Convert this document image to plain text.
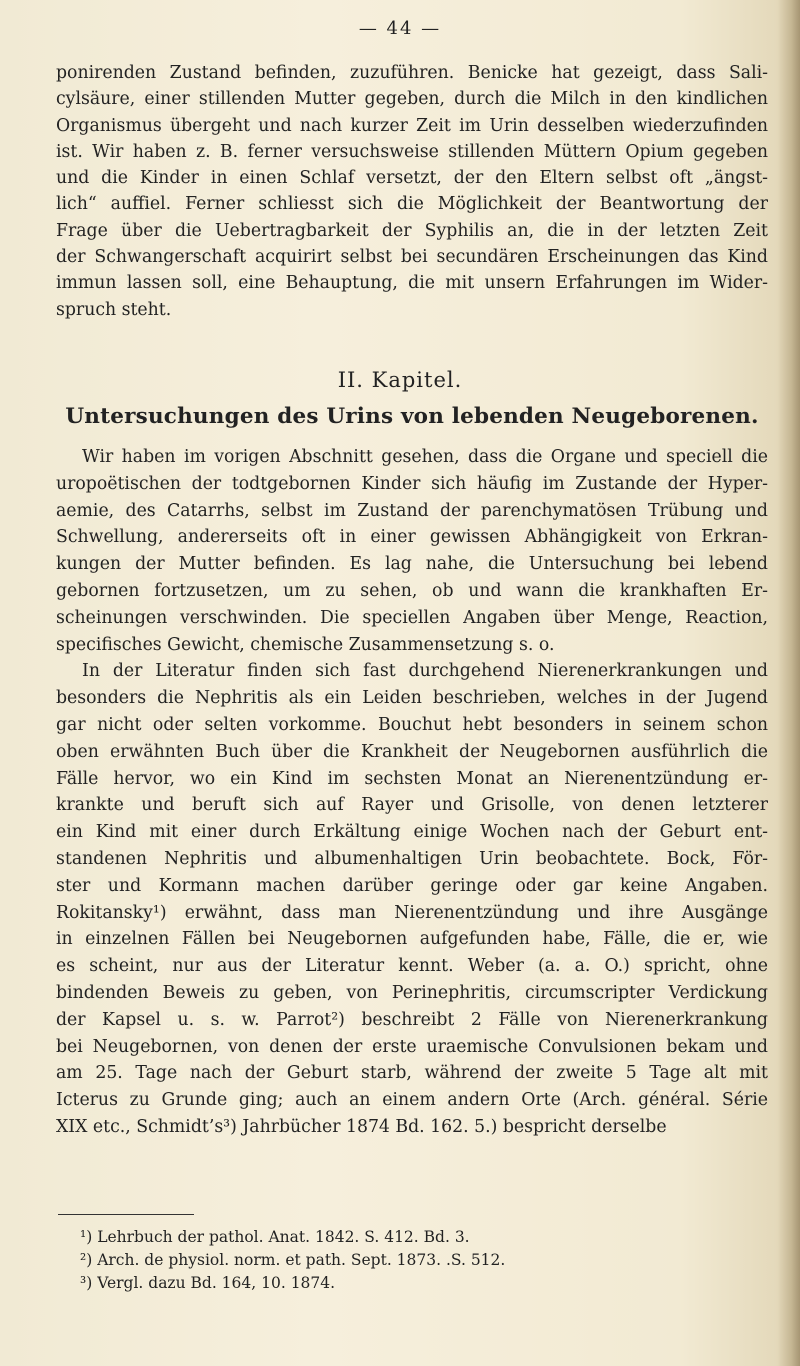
— 44 —
ponirenden Zustand befinden, zuzuführen. Benicke hat gezeigt, dass Sali-
cylsäure, einer stillenden Mutter gegeben, durch die Milch in den kindlichen
Organismus übergeht und nach kurzer Zeit im Urin desselben wiederzufinden
ist. Wir haben z. B. ferner versuchsweise stillenden Müttern Opium gegeben
und die Kinder in einen Schlaf versetzt, der den Eltern selbst oft „ängst-
lich“ auffiel. Ferner schliesst sich die Möglichkeit der Beantwortung der
Frage über die Uebertragbarkeit der Syphilis an, die in der letzten Zeit
der Schwangerschaft acquirirt selbst bei secundären Erscheinungen das Kind
immun lassen soll, eine Behauptung, die mit unsern Erfahrungen im Wider-
spruch steht.
II. Kapitel.
Untersuchungen des Urins von lebenden Neugeborenen.
Wir haben im vorigen Abschnitt gesehen, dass die Organe und speciell die
uropoëtischen der todtgebornen Kinder sich häufig im Zustande der Hyper-
aemie, des Catarrhs, selbst im Zustand der parenchymatösen Trübung und
Schwellung, andererseits oft in einer gewissen Abhängigkeit von Erkran-
kungen der Mutter befinden. Es lag nahe, die Untersuchung bei lebend
gebornen fortzusetzen, um zu sehen, ob und wann die krankhaften Er-
scheinungen verschwinden. Die speciellen Angaben über Menge, Reaction,
specifisches Gewicht, chemische Zusammensetzung s. o.
In der Literatur finden sich fast durchgehend Nierenerkrankungen und
besonders die Nephritis als ein Leiden beschrieben, welches in der Jugend
gar nicht oder selten vorkomme. Bouchut hebt besonders in seinem schon
oben erwähnten Buch über die Krankheit der Neugebornen ausführlich die
Fälle hervor, wo ein Kind im sechsten Monat an Nierenentzündung er-
krankte und beruft sich auf Rayer und Grisolle, von denen letzterer
ein Kind mit einer durch Erkältung einige Wochen nach der Geburt ent-
standenen Nephritis und albumenhaltigen Urin beobachtete. Bock, För-
ster und Kormann machen darüber geringe oder gar keine Angaben.
Rokitansky¹) erwähnt, dass man Nierenentzündung und ihre Ausgänge
in einzelnen Fällen bei Neugebornen aufgefunden habe, Fälle, die er, wie
es scheint, nur aus der Literatur kennt. Weber (a. a. O.) spricht, ohne
bindenden Beweis zu geben, von Perinephritis, circumscripter Verdickung
der Kapsel u. s. w. Parrot²) beschreibt 2 Fälle von Nierenerkrankung
bei Neugebornen, von denen der erste uraemische Convulsionen bekam und
am 25. Tage nach der Geburt starb, während der zweite 5 Tage alt mit
Icterus zu Grunde ging; auch an einem andern Orte (Arch. général. Série
XIX etc., Schmidt’s³) Jahrbücher 1874 Bd. 162. 5.) bespricht derselbe
¹) Lehrbuch der pathol. Anat. 1842. S. 412. Bd. 3.
²) Arch. de physiol. norm. et path. Sept. 1873. .S. 512.
³) Vergl. dazu Bd. 164, 10. 1874.
